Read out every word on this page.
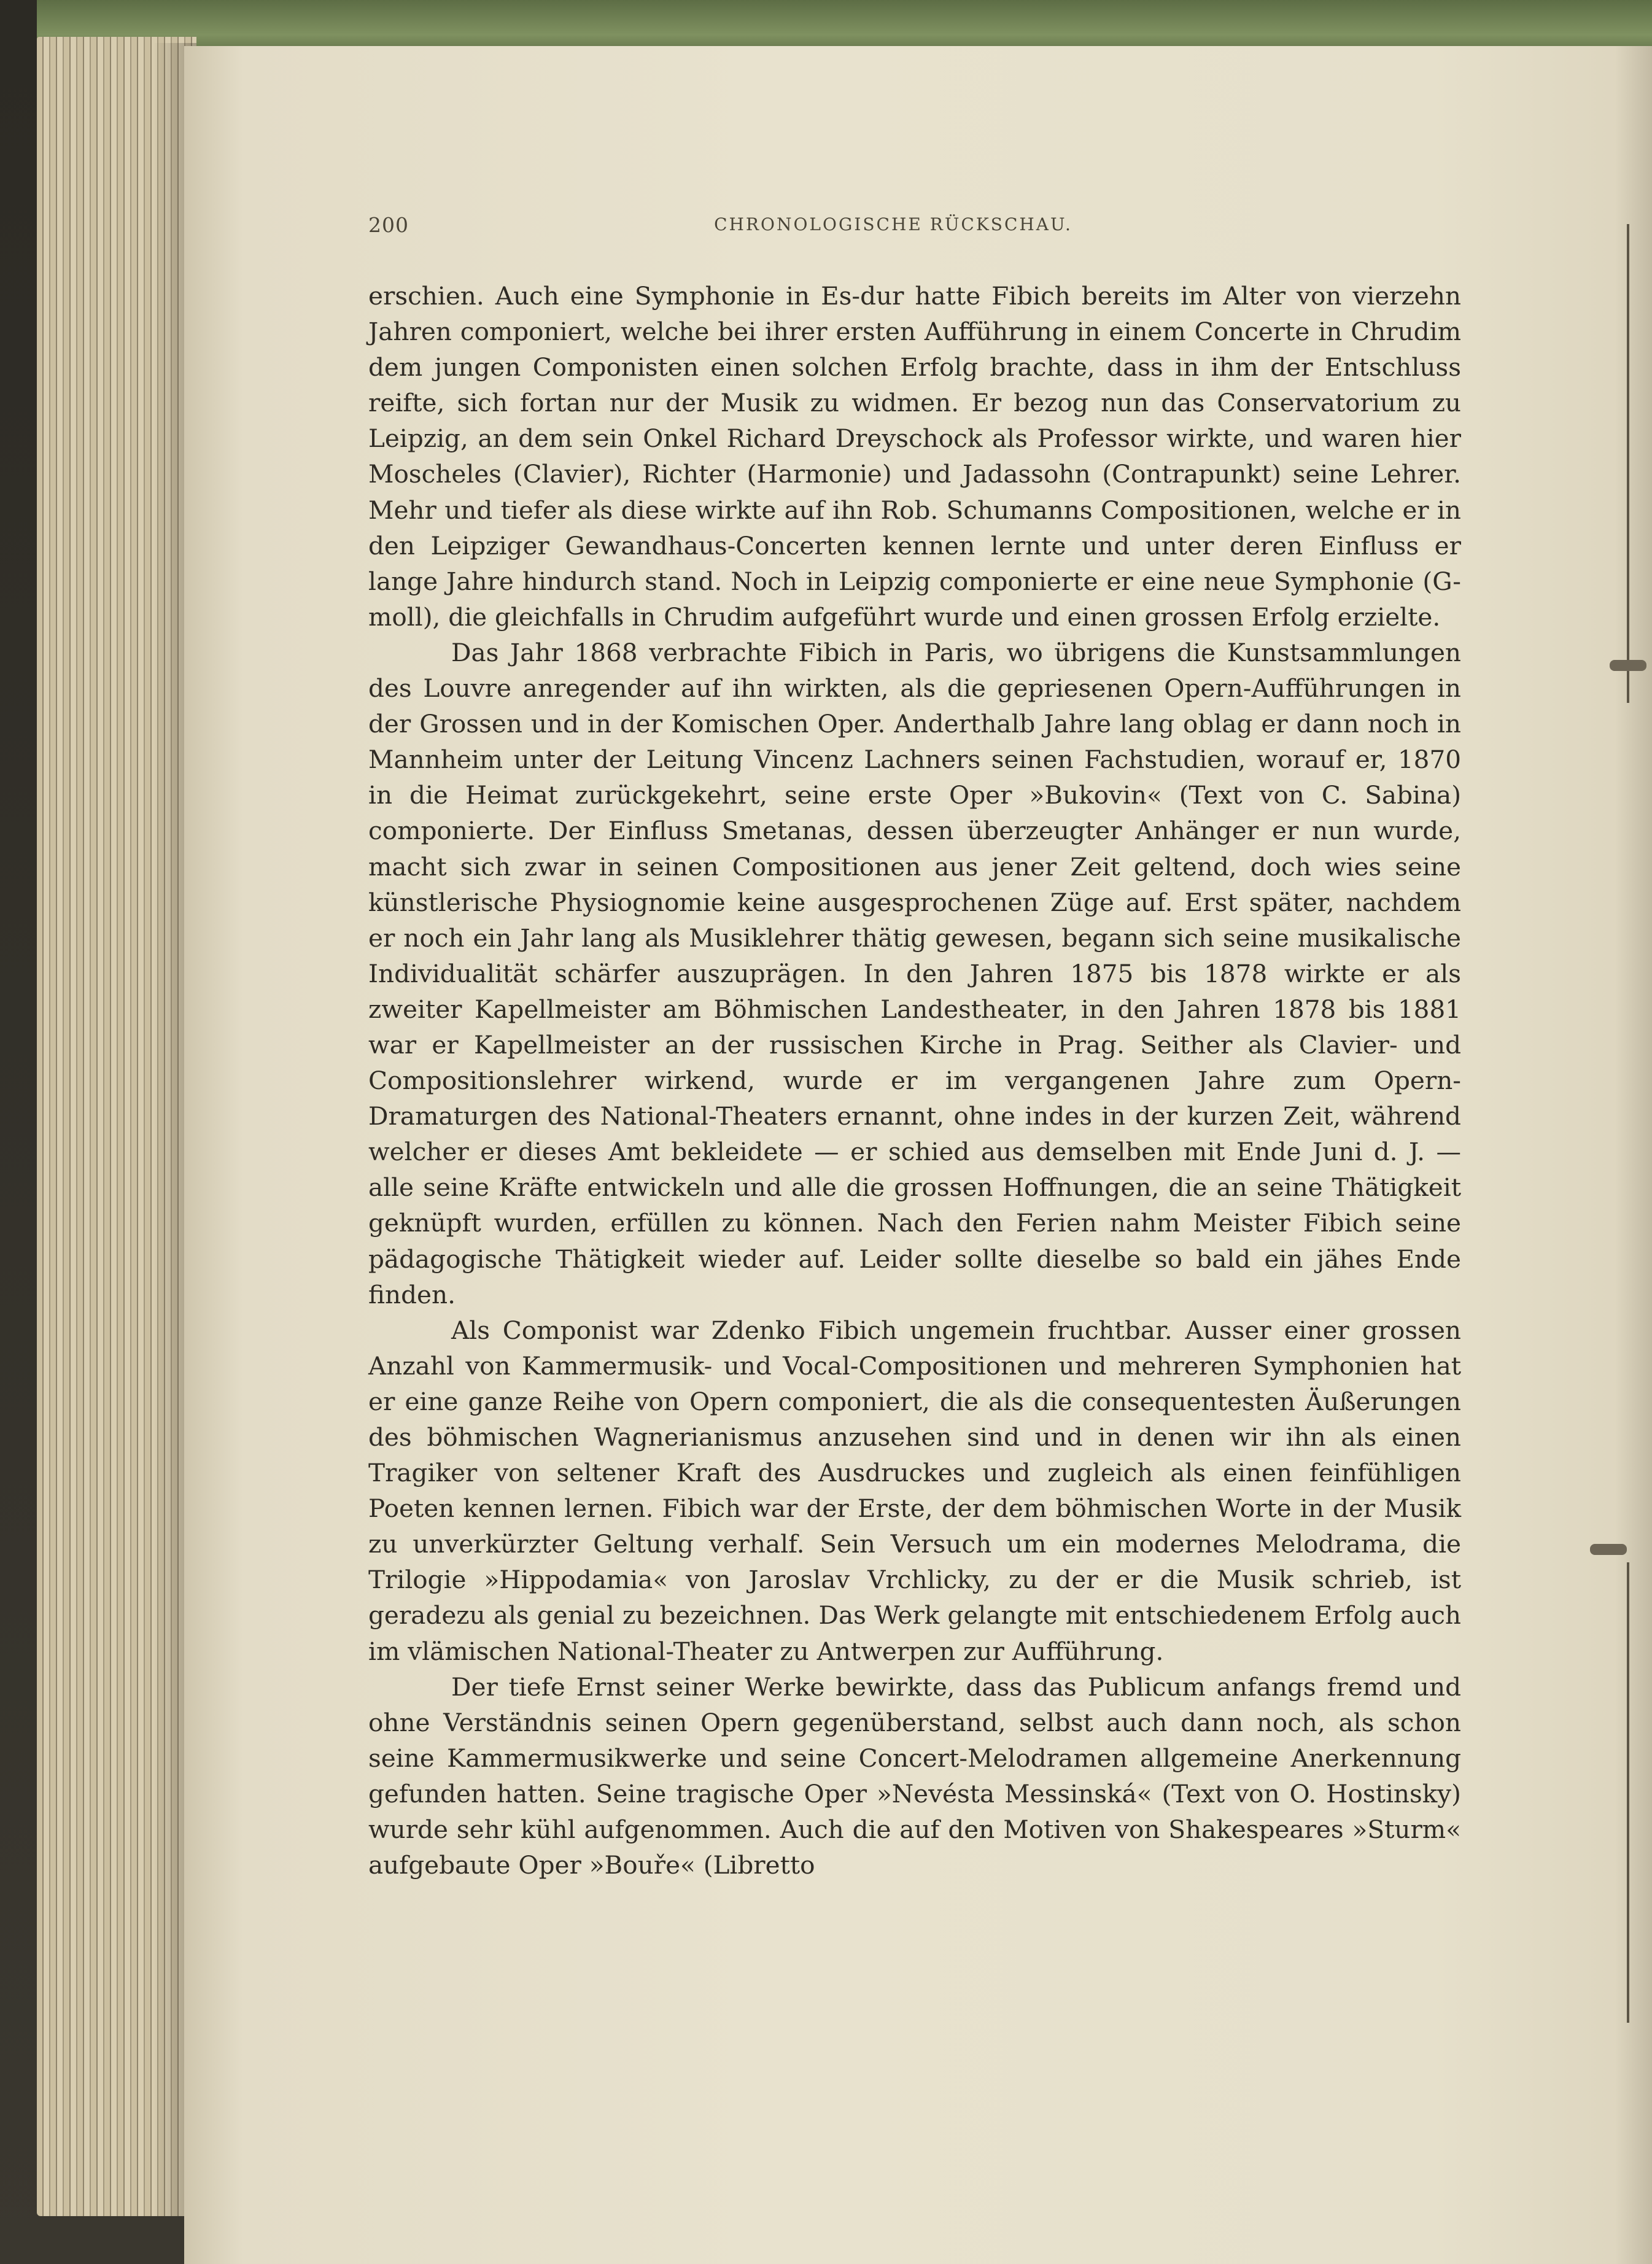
200	CHRONOLOGISCHE RÜCKSCHAU.

erschien. Auch eine Symphonie in Es-dur hatte Fibich bereits im Alter von vierzehn Jahren componiert, welche bei ihrer ersten Aufführung in einem Concerte in Chrudim dem jungen Componisten einen solchen Erfolg brachte, dass in ihm der Entschluss reifte, sich fortan nur der Musik zu widmen. Er bezog nun das Conservatorium zu Leipzig, an dem sein Onkel Richard Dreyschock als Professor wirkte, und waren hier Moscheles (Clavier), Richter (Harmonie) und Jadassohn (Contrapunkt) seine Lehrer. Mehr und tiefer als diese wirkte auf ihn Rob. Schumanns Compositionen, welche er in den Leipziger Gewandhaus-Concerten kennen lernte und unter deren Einfluss er lange Jahre hindurch stand. Noch in Leipzig componierte er eine neue Symphonie (G-moll), die gleichfalls in Chrudim aufgeführt wurde und einen grossen Erfolg erzielte.

Das Jahr 1868 verbrachte Fibich in Paris, wo übrigens die Kunstsammlungen des Louvre anregender auf ihn wirkten, als die gepriesenen Opern-Aufführungen in der Grossen und in der Komischen Oper. Anderthalb Jahre lang oblag er dann noch in Mannheim unter der Leitung Vincenz Lachners seinen Fachstudien, worauf er, 1870 in die Heimat zurückgekehrt, seine erste Oper »Bukovin« (Text von C. Sabina) componierte. Der Einfluss Smetanas, dessen überzeugter Anhänger er nun wurde, macht sich zwar in seinen Compositionen aus jener Zeit geltend, doch wies seine künstlerische Physiognomie keine ausgesprochenen Züge auf. Erst später, nachdem er noch ein Jahr lang als Musiklehrer thätig gewesen, begann sich seine musikalische Individualität schärfer auszuprägen. In den Jahren 1875 bis 1878 wirkte er als zweiter Kapellmeister am Böhmischen Landestheater, in den Jahren 1878 bis 1881 war er Kapellmeister an der russischen Kirche in Prag. Seither als Clavier- und Compositionslehrer wirkend, wurde er im vergangenen Jahre zum Opern-Dramaturgen des National-Theaters ernannt, ohne indes in der kurzen Zeit, während welcher er dieses Amt bekleidete — er schied aus demselben mit Ende Juni d. J. — alle seine Kräfte entwickeln und alle die grossen Hoffnungen, die an seine Thätigkeit geknüpft wurden, erfüllen zu können. Nach den Ferien nahm Meister Fibich seine pädagogische Thätigkeit wieder auf. Leider sollte dieselbe so bald ein jähes Ende finden.

Als Componist war Zdenko Fibich ungemein fruchtbar. Ausser einer grossen Anzahl von Kammermusik- und Vocal-Compositionen und mehreren Symphonien hat er eine ganze Reihe von Opern componiert, die als die consequentesten Äußerungen des böhmischen Wagnerianismus anzusehen sind und in denen wir ihn als einen Tragiker von seltener Kraft des Ausdruckes und zugleich als einen feinfühligen Poeten kennen lernen. Fibich war der Erste, der dem böhmischen Worte in der Musik zu unverkürzter Geltung verhalf. Sein Versuch um ein modernes Melodrama, die Trilogie »Hippodamia« von Jaroslav Vrchlicky, zu der er die Musik schrieb, ist geradezu als genial zu bezeichnen. Das Werk gelangte mit entschiedenem Erfolg auch im vlämischen National-Theater zu Antwerpen zur Aufführung.

Der tiefe Ernst seiner Werke bewirkte, dass das Publicum anfangs fremd und ohne Verständnis seinen Opern gegenüberstand, selbst auch dann noch, als schon seine Kammermusikwerke und seine Concert-Melodramen allgemeine Anerkennung gefunden hatten. Seine tragische Oper »Nevésta Messinská« (Text von O. Hostinsky) wurde sehr kühl aufgenommen. Auch die auf den Motiven von Shakespeares »Sturm« aufgebaute Oper »Bouře« (Libretto
